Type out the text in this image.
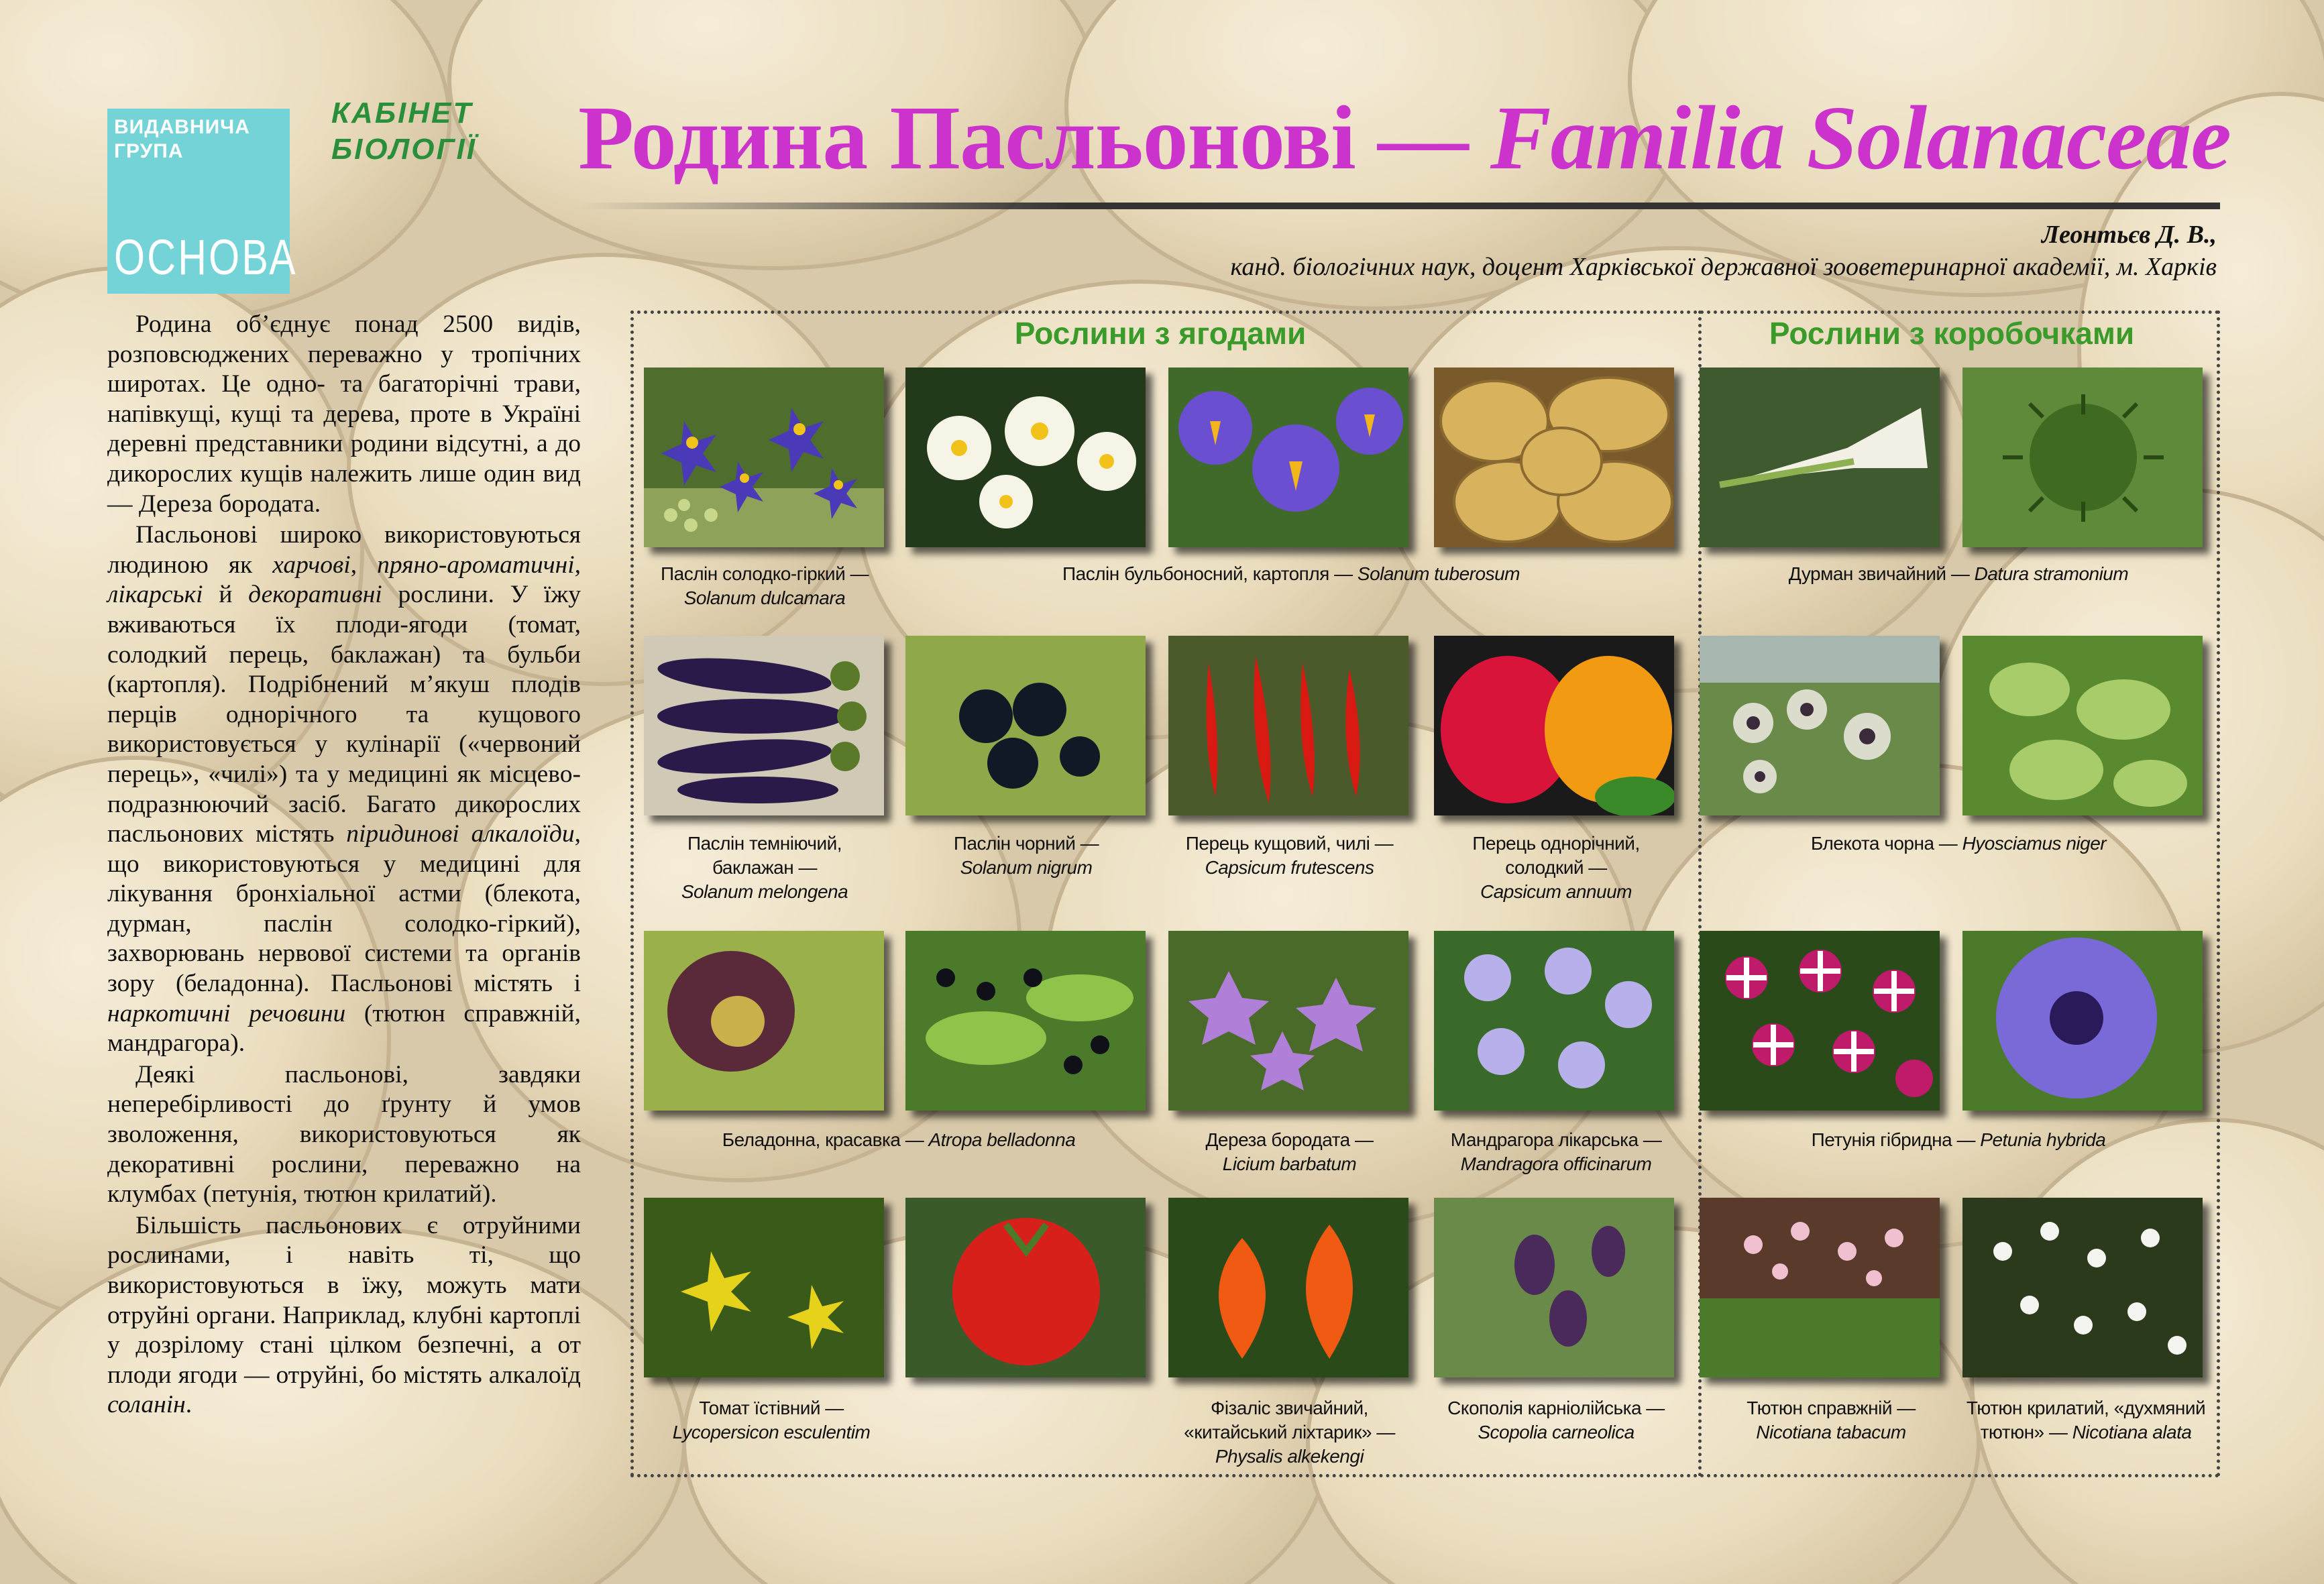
ВИДАВНИЧА
ГРУПА
ОСНОВА
КАБІНЕТ
БІОЛОГІЇ Родина Пасльонові — Familia Solanaceae
Леонтьєв Д. В.,
канд. біологічних наук, доцент Харківської державної зооветеринарної академії, м. Харків

Родина об’єднує понад 2500 видів, розповсюджених переважно у тропічних широтах. Це одно- та багаторічні трави, напівкущі, кущі та дерева, проте в Україні деревні представники родини відсутні, а до дикорослих кущів належить лише один вид — Дереза бородата.

Пасльонові широко використовуються людиною як харчові, пряно-ароматичні, лікарські й декоративні рослини. У їжу вживаються їх плоди-ягоди (томат, солодкий перець, баклажан) та бульби (картопля). Подрібнений м’якуш плодів перців однорічного та кущового використовується у кулінарії («червоний перець», «чилі») та у медицині як місцево-подразнюючий засіб. Багато дикорослих пасльонових містять піридинові алкалоїди, що використовуються у медицині для лікування бронхіальної астми (блекота, дурман, паслін солодко-гіркий), захворювань нервової системи та органів зору (беладонна). Пасльонові містять і наркотичні речовини (тютюн справжній, мандрагора).

Деякі пасльонові, завдяки неперебірливості до ґрунту й умов зволоження, використовуються як декоративні рослини, переважно на клумбах (петунія, тютюн крилатий).

Більшість пасльонових є отруйними рослинами, і навіть ті, що використовуються в їжу, можуть мати отруйні органи. Наприклад, клубні картоплі у дозрілому стані цілком безпечні, а от плоди ягоди — отруйні, бо містять алкалоїд соланін.

Рослини з ягодами	Рослини з коробочками
Паслін солодко-гіркий —
Solanum dulcamara
Паслін бульбоносний, картопля — Solanum tuberosum	Дурман звичайний — Datura stramonium
Паслін темніючий,
баклажан —
Solanum melongena
Паслін чорний —
Solanum nigrum
Перець кущовий, чилі —
Capsicum frutescens
Перець однорічний,
солодкий —
Capsicum annuum
Блекота чорна — Hyosciamus niger
Беладонна, красавка — Atropa belladonna	Дереза бородата —
Licium barbatum
Мандрагора лікарська —
Mandragora officinarum
Петунія гібридна — Petunia hybrida
Томат їстівний — Lycopersicon esculentim
Фізаліс звичайний,
«китайський ліхтарик» —
Physalis alkekengi
Скополія карніолійська —
Scopolia carneolica
Тютюн справжній —
Nicotiana tabacum
Тютюн крилатий, «духмяний тютюн» — Nicotiana alata
